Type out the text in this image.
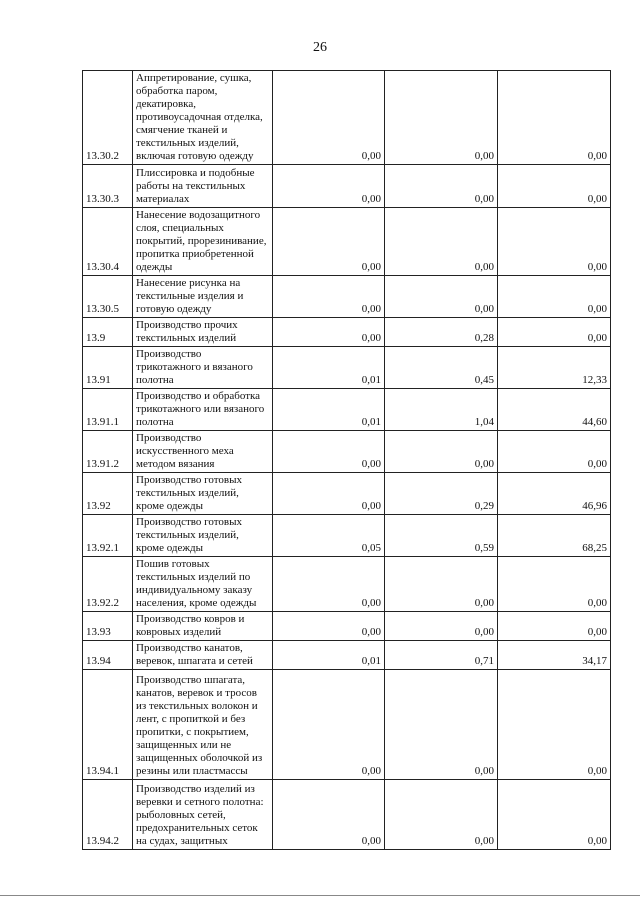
26
13.30.2	Аппретирование, сушка, обработка паром, декатировка, противоусадочная отделка, смягчение тканей и текстильных изделий, включая готовую одежду	0,00	0,00	0,00
13.30.3	Плиссировка и подобные работы на текстильных материалах	0,00	0,00	0,00
13.30.4	Нанесение водозащитного слоя, специальных покрытий, прорезинивание, пропитка приобретенной одежды	0,00	0,00	0,00
13.30.5	Нанесение рисунка на текстильные изделия и готовую одежду	0,00	0,00	0,00
13.9	Производство прочих текстильных изделий	0,00	0,28	0,00
13.91	Производство трикотажного и вязаного полотна	0,01	0,45	12,33
13.91.1	Производство и обработка трикотажного или вязаного полотна	0,01	1,04	44,60
13.91.2	Производство искусственного меха методом вязания	0,00	0,00	0,00
13.92	Производство готовых текстильных изделий, кроме одежды	0,00	0,29	46,96
13.92.1	Производство готовых текстильных изделий, кроме одежды	0,05	0,59	68,25
13.92.2	Пошив готовых текстильных изделий по индивидуальному заказу населения, кроме одежды	0,00	0,00	0,00
13.93	Производство ковров и ковровых изделий	0,00	0,00	0,00
13.94	Производство канатов, веревок, шпагата и сетей	0,01	0,71	34,17
13.94.1	Производство шпагата, канатов, веревок и тросов из текстильных волокон и лент, с пропиткой и без пропитки, с покрытием, защищенных или не защищенных оболочкой из резины или пластмассы	0,00	0,00	0,00
13.94.2	Производство изделий из веревки и сетного полотна: рыболовных сетей, предохранительных сеток на судах, защитных	0,00	0,00	0,00
